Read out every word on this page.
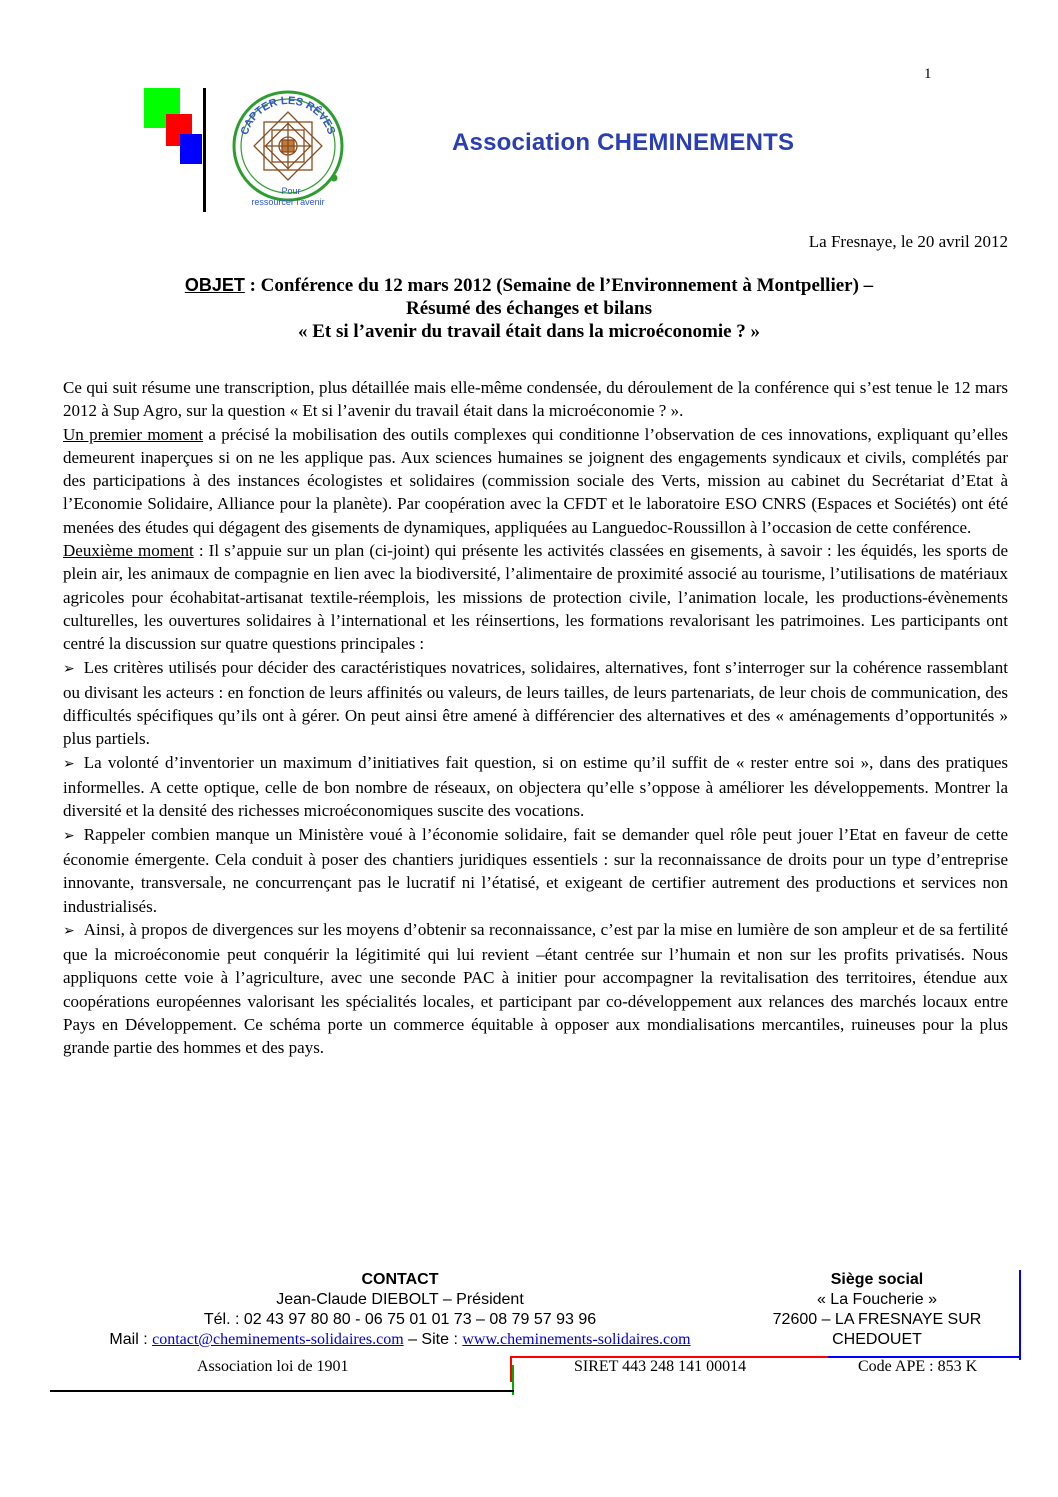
1
CAPTER LES RÊVES
Pour
ressourcer l'avenir
Association CHEMINEMENTS
La Fresnaye, le 20 avril 2012
OBJET : Conférence du 12 mars 2012 (Semaine de l’Environnement à Montpellier) –
Résumé des échanges et bilans
« Et si l’avenir du travail était dans la microéconomie ? »

Ce qui suit résume une transcription, plus détaillée mais elle-même condensée, du déroulement de la conférence qui s’est tenue le 12 mars 2012 à Sup Agro, sur la question « Et si l’avenir du travail était dans la microéconomie ? ».

Un premier moment a précisé la mobilisation des outils complexes qui conditionne l’observation de ces innovations, expliquant qu’elles demeurent inaperçues si on ne les applique pas. Aux sciences humaines se joignent des engagements syndicaux et civils, complétés par des participations à des instances écologistes et solidaires (commission sociale des Verts, mission au cabinet du Secrétariat d’Etat à l’Economie Solidaire, Alliance pour la planète). Par coopération avec la CFDT et le laboratoire ESO CNRS (Espaces et Sociétés) ont été menées des études qui dégagent des gisements de dynamiques, appliquées au Languedoc-Roussillon à l’occasion de cette conférence.

Deuxième moment : Il s’appuie sur un plan (ci-joint) qui présente les activités classées en gisements, à savoir : les équidés, les sports de plein air, les animaux de compagnie en lien avec la biodiversité, l’alimentaire de proximité associé au tourisme, l’utilisations de matériaux agricoles pour écohabitat-artisanat textile-réemplois, les missions de protection civile, l’animation locale, les productions-évènements culturelles, les ouvertures solidaires à l’international et les réinsertions, les formations revalorisant les patrimoines. Les participants ont centré la discussion sur quatre questions principales :

➢ Les critères utilisés pour décider des caractéristiques novatrices, solidaires, alternatives, font s’interroger sur la cohérence rassemblant ou divisant les acteurs : en fonction de leurs affinités ou valeurs, de leurs tailles, de leurs partenariats, de leur chois de communication, des difficultés spécifiques qu’ils ont à gérer. On peut ainsi être amené à différencier des alternatives et des « aménagements d’opportunités » plus partiels.

➢ La volonté d’inventorier un maximum d’initiatives fait question, si on estime qu’il suffit de « rester entre soi », dans des pratiques informelles. A cette optique, celle de bon nombre de réseaux, on objectera qu’elle s’oppose à améliorer les développements. Montrer la diversité et la densité des richesses microéconomiques suscite des vocations.

➢ Rappeler combien manque un Ministère voué à l’économie solidaire, fait se demander quel rôle peut jouer l’Etat en faveur de cette économie émergente. Cela conduit à poser des chantiers juridiques essentiels : sur la reconnaissance de droits pour un type d’entreprise innovante, transversale, ne concurrençant pas le lucratif ni l’étatisé, et exigeant de certifier autrement des productions et services non industrialisés.

➢ Ainsi, à propos de divergences sur les moyens d’obtenir sa reconnaissance, c’est par la mise en lumière de son ampleur et de sa fertilité que la microéconomie peut conquérir la légitimité qui lui revient –étant centrée sur l’humain et non sur les profits privatisés. Nous appliquons cette voie à l’agriculture, avec une seconde PAC à initier pour accompagner la revitalisation des territoires, étendue aux coopérations européennes valorisant les spécialités locales, et participant par co-développement aux relances des marchés locaux entre Pays en Développement. Ce schéma porte un commerce équitable à opposer aux mondialisations mercantiles, ruineuses pour la plus grande partie des hommes et des pays.

CONTACT
Jean-Claude DIEBOLT – Président
Tél. : 02 43 97 80 80 - 06 75 01 01 73 – 08 79 57 93 96
Mail : contact@cheminements-solidaires.com – Site : www.cheminements-solidaires.com
Siège social
« La Foucherie »
72600 – LA FRESNAYE SUR
CHEDOUET
Association loi de 1901	SIRET 443 248 141 00014	Code APE : 853 K
